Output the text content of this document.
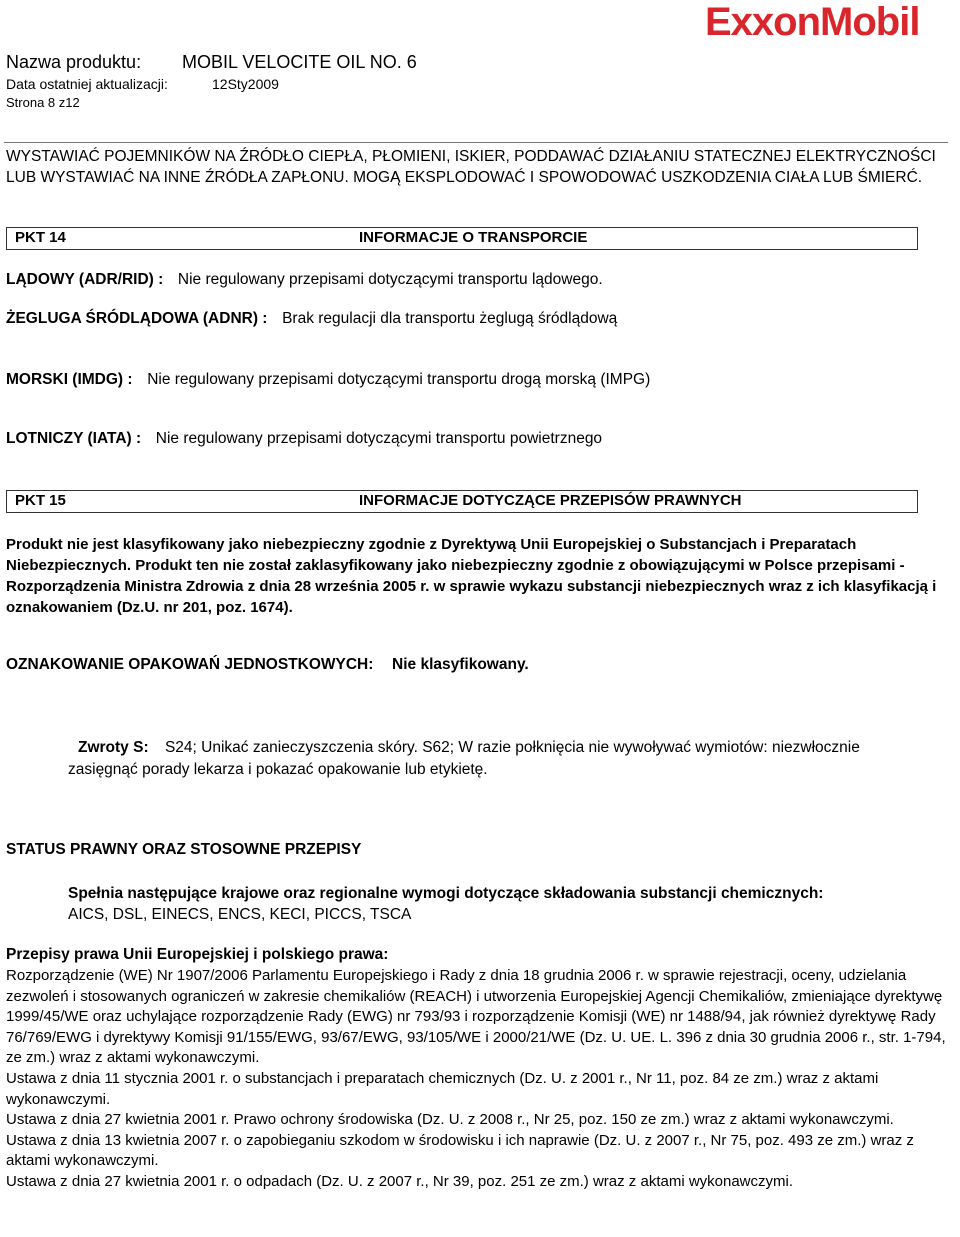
Nazwa produktu: MOBIL VELOCITE OIL NO. 6
Data ostatniej aktualizacji:	12Sty2009
Strona 8 z12
ExxonMobil
WYSTAWIAĆ POJEMNIKÓW NA ŹRÓDŁO CIEPŁA, PŁOMIENI, ISKIER, PODDAWAĆ DZIAŁANIU STATECZNEJ ELEKTRYCZNOŚCI LUB WYSTAWIAĆ NA INNE ŹRÓDŁA ZAPŁONU. MOGĄ EKSPLODOWAĆ I SPOWODOWAĆ USZKODZENIA CIAŁA LUB ŚMIERĆ.
PKT 14	INFORMACJE O TRANSPORCIE
LĄDOWY (ADR/RID) : Nie regulowany przepisami dotyczącymi transportu lądowego.
ŻEGLUGA ŚRÓDLĄDOWA (ADNR) : Brak regulacji dla transportu żeglugą śródlądową
MORSKI (IMDG) : Nie regulowany przepisami dotyczącymi transportu drogą morską (IMPG)
LOTNICZY (IATA) : Nie regulowany przepisami dotyczącymi transportu powietrznego
PKT 15	INFORMACJE DOTYCZĄCE PRZEPISÓW PRAWNYCH
Produkt nie jest klasyfikowany jako niebezpieczny zgodnie z Dyrektywą Unii Europejskiej o Substancjach i Preparatach Niebezpiecznych. Produkt ten nie został zaklasyfikowany jako niebezpieczny zgodnie z obowiązującymi w Polsce przepisami - Rozporządzenia Ministra Zdrowia z dnia 28 września 2005 r. w sprawie wykazu substancji niebezpiecznych wraz z ich klasyfikacją i oznakowaniem (Dz.U. nr 201, poz. 1674).
OZNAKOWANIE OPAKOWAŃ JEDNOSTKOWYCH: Nie klasyfikowany.
Zwroty S: S24; Unikać zanieczyszczenia skóry. S62; W razie połknięcia nie wywoływać wymiotów: niezwłocznie zasięgnąć porady lekarza i pokazać opakowanie lub etykietę.
STATUS PRAWNY ORAZ STOSOWNE PRZEPISY
Spełnia następujące krajowe oraz regionalne wymogi dotyczące składowania substancji chemicznych:
AICS, DSL, EINECS, ENCS, KECI, PICCS, TSCA
Przepisy prawa Unii Europejskiej i polskiego prawa:
Rozporządzenie (WE) Nr 1907/2006 Parlamentu Europejskiego i Rady z dnia 18 grudnia 2006 r. w sprawie rejestracji, oceny, udzielania zezwoleń i stosowanych ograniczeń w zakresie chemikaliów (REACH) i utworzenia Europejskiej Agencji Chemikaliów, zmieniające dyrektywę 1999/45/WE oraz uchylające rozporządzenie Rady (EWG) nr 793/93 i rozporządzenie Komisji (WE) nr 1488/94, jak również dyrektywę Rady 76/769/EWG i dyrektywy Komisji 91/155/EWG, 93/67/EWG, 93/105/WE i 2000/21/WE (Dz. U. UE. L. 396 z dnia 30 grudnia 2006 r., str. 1-794, ze zm.) wraz z aktami wykonawczymi.
Ustawa z dnia 11 stycznia 2001 r. o substancjach i preparatach chemicznych (Dz. U. z 2001 r., Nr 11, poz. 84 ze zm.) wraz z aktami wykonawczymi.
Ustawa z dnia 27 kwietnia 2001 r. Prawo ochrony środowiska (Dz. U. z 2008 r., Nr 25, poz. 150 ze zm.) wraz z aktami wykonawczymi.
Ustawa z dnia 13 kwietnia 2007 r. o zapobieganiu szkodom w środowisku i ich naprawie (Dz. U. z 2007 r., Nr 75, poz. 493 ze zm.) wraz z aktami wykonawczymi.
Ustawa z dnia 27 kwietnia 2001 r. o odpadach (Dz. U. z 2007 r., Nr 39, poz. 251 ze zm.) wraz z aktami wykonawczymi.
